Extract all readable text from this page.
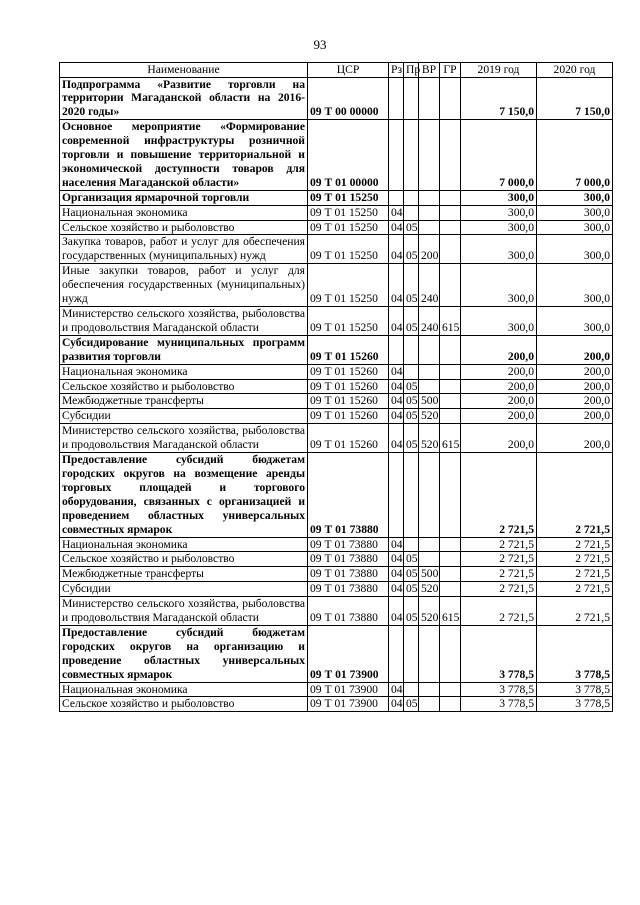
93
Наименование	ЦСР	Рз	Пр	ВР	ГР	2019 год	2020 год
Подпрограмма «Развитие торговли на территории Магаданской области на 2016-2020 годы»	09 Т 00 00000					7 150,0	7 150,0
Основное мероприятие «Формирование современной инфраструктуры розничной торговли и повышение территориальной и экономической доступности товаров для населения Магаданской области»	09 Т 01 00000					7 000,0	7 000,0
Организация ярмарочной торговли	09 Т 01 15250					300,0	300,0
Национальная экономика	09 Т 01 15250	04				300,0	300,0
Сельское хозяйство и рыболовство	09 Т 01 15250	04	05			300,0	300,0
Закупка товаров, работ и услуг для обеспечения государственных (муниципальных) нужд	09 Т 01 15250	04	05	200		300,0	300,0
Иные закупки товаров, работ и услуг для обеспечения государственных (муниципальных) нужд	09 Т 01 15250	04	05	240		300,0	300,0
Министерство сельского хозяйства, рыболовства и продовольствия Магаданской области	09 Т 01 15250	04	05	240	615	300,0	300,0
Субсидирование муниципальных программ развития торговли	09 Т 01 15260					200,0	200,0
Национальная экономика	09 Т 01 15260	04				200,0	200,0
Сельское хозяйство и рыболовство	09 Т 01 15260	04	05			200,0	200,0
Межбюджетные трансферты	09 Т 01 15260	04	05	500		200,0	200,0
Субсидии	09 Т 01 15260	04	05	520		200,0	200,0
Министерство сельского хозяйства, рыболовства и продовольствия Магаданской области	09 Т 01 15260	04	05	520	615	200,0	200,0
Предоставление субсидий бюджетам городских округов на возмещение аренды торговых площадей и торгового оборудования, связанных с организацией и проведением областных универсальных совместных ярмарок	09 Т 01 73880					2 721,5	2 721,5
Национальная экономика	09 Т 01 73880	04				2 721,5	2 721,5
Сельское хозяйство и рыболовство	09 Т 01 73880	04	05			2 721,5	2 721,5
Межбюджетные трансферты	09 Т 01 73880	04	05	500		2 721,5	2 721,5
Субсидии	09 Т 01 73880	04	05	520		2 721,5	2 721,5
Министерство сельского хозяйства, рыболовства и продовольствия Магаданской области	09 Т 01 73880	04	05	520	615	2 721,5	2 721,5
Предоставление субсидий бюджетам городских округов на организацию и проведение областных универсальных совместных ярмарок	09 Т 01 73900					3 778,5	3 778,5
Национальная экономика	09 Т 01 73900	04				3 778,5	3 778,5
Сельское хозяйство и рыболовство	09 Т 01 73900	04	05			3 778,5	3 778,5
